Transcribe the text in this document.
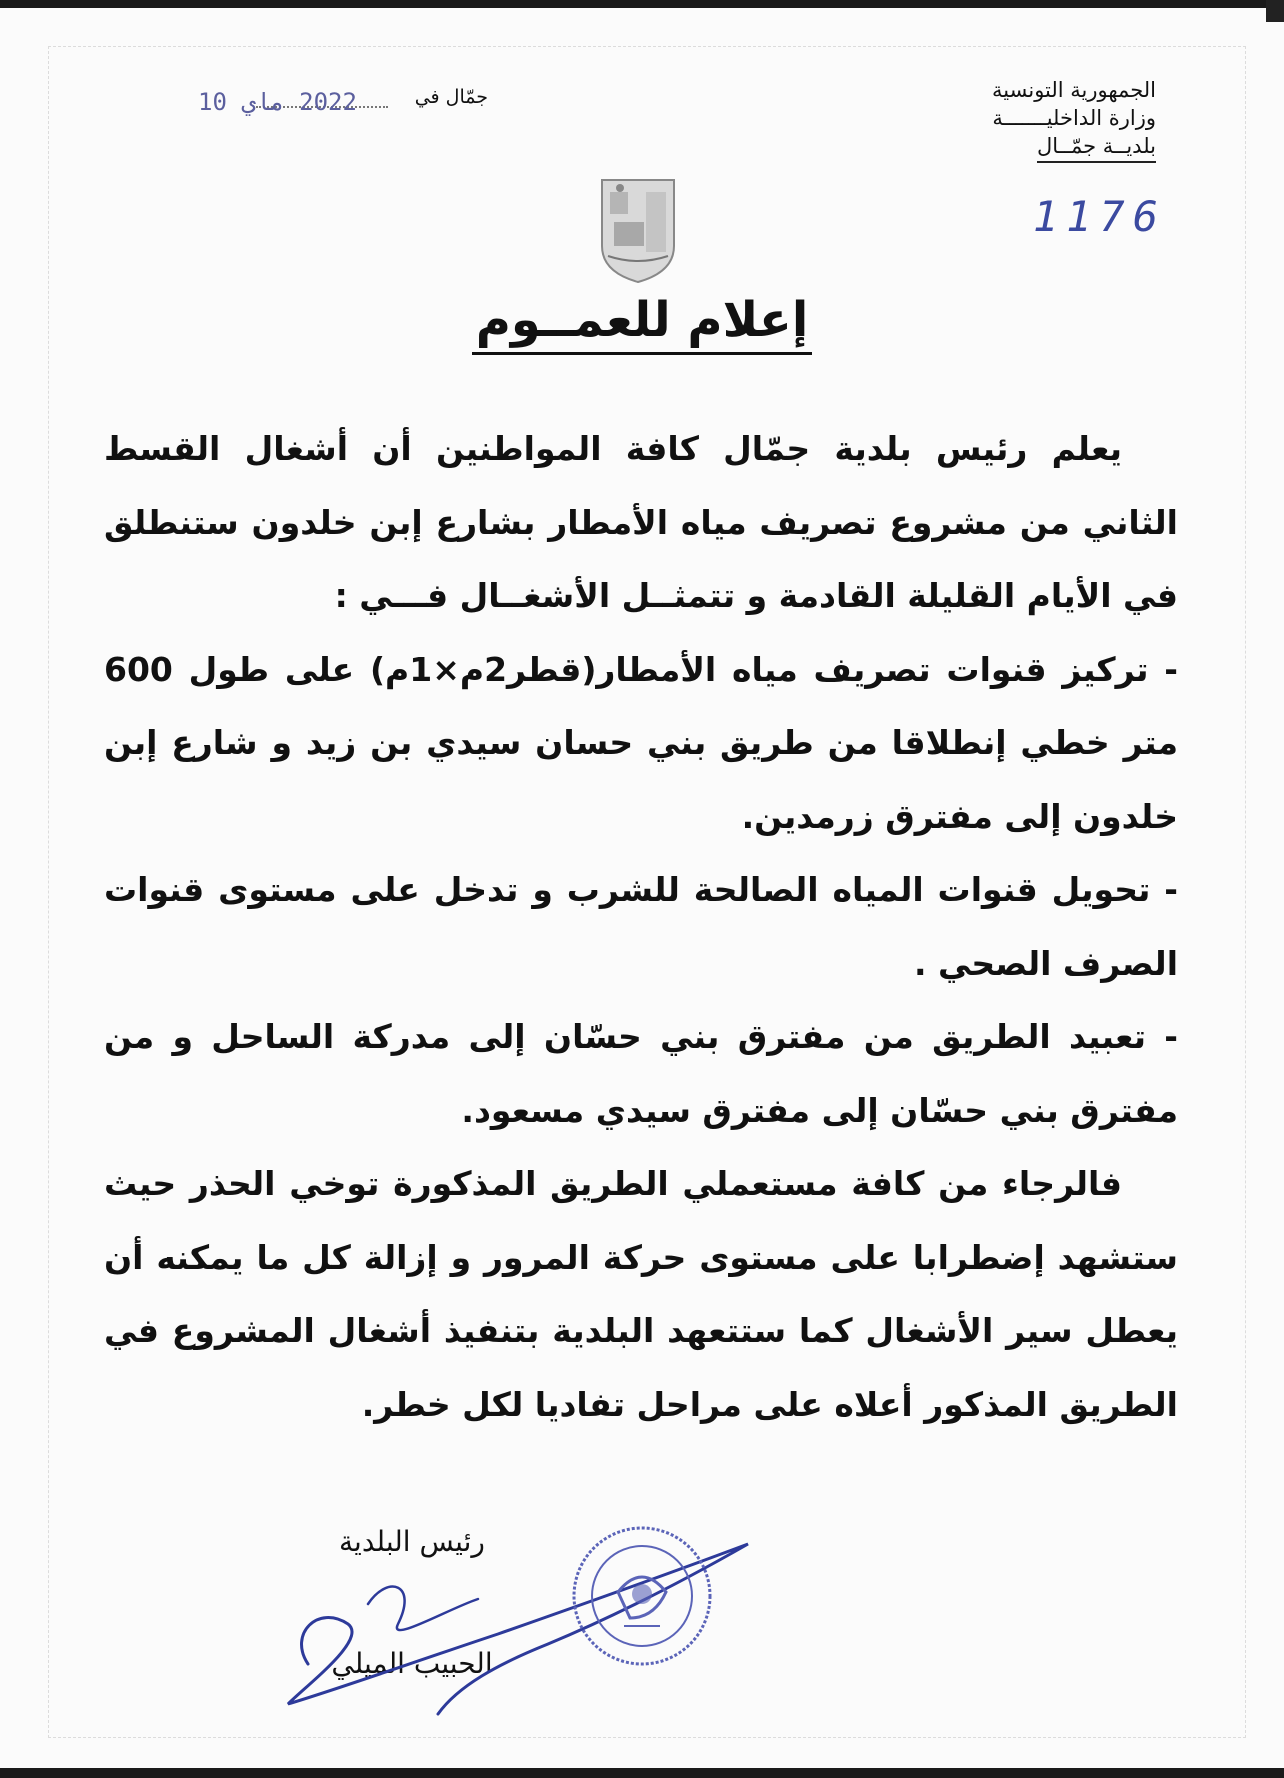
الجمهورية التونسية
وزارة الداخليـــــــة
بلديــة جمّــال
1176
جمّال في
2022 ماي 10
إعلام للعمــوم

يعلم رئيس بلدية جمّال كافة المواطنين أن أشغال القسط الثاني من مشروع تصريف مياه الأمطار بشارع إبن خلدون ستنطلق في الأيام القليلة القادمة و تتمثــل الأشغــال فـــي :

- تركيز قنوات تصريف مياه الأمطار(قطر2م×1م) على طول 600 متر خطي إنطلاقا من طريق بني حسان سيدي بن زيد و شارع إبن خلدون إلى مفترق زرمدين.

- تحويل قنوات المياه الصالحة للشرب و تدخل على مستوى قنوات الصرف الصحي .

- تعبيد الطريق من مفترق بني حسّان إلى مدركة الساحل و من مفترق بني حسّان إلى مفترق سيدي مسعود.

فالرجاء من كافة مستعملي الطريق المذكورة توخي الحذر حيث ستشهد إضطرابا على مستوى حركة المرور و إزالة كل ما يمكنه أن يعطل سير الأشغال كما ستتعهد البلدية بتنفيذ أشغال المشروع في الطريق المذكور أعلاه على مراحل تفاديا لكل خطر.

رئيس البلدية
الحبيب الميلي
